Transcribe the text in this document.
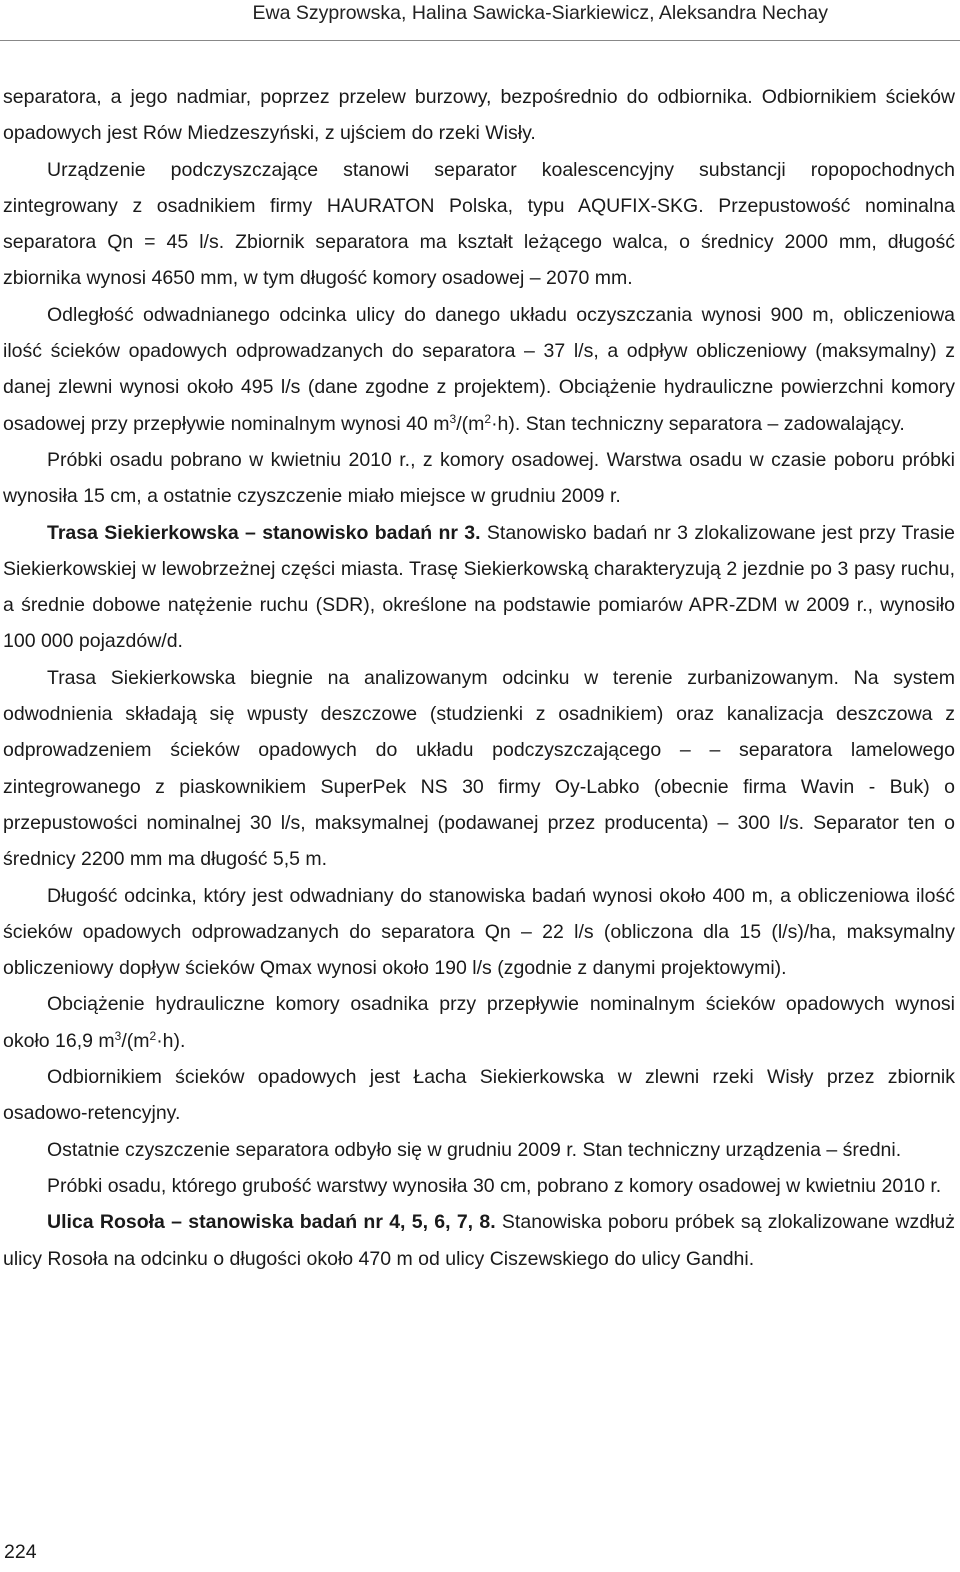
Ewa Szyprowska, Halina Sawicka-Siarkiewicz, Aleksandra Nechay

separatora, a jego nadmiar, poprzez przelew burzowy, bezpośrednio do odbiornika. Odbiornikiem ścieków opadowych jest Rów Miedzeszyński, z ujściem do rzeki Wisły.

Urządzenie podczyszczające stanowi separator koalescencyjny substancji ropopochodnych zintegrowany z osadnikiem firmy HAURATON Polska, typu AQUFIX-SKG. Przepustowość nominalna separatora Qn = 45 l/s. Zbiornik separatora ma kształt leżącego walca, o średnicy 2000 mm, długość zbiornika wynosi 4650 mm, w tym długość komory osadowej – 2070 mm.

Odległość odwadnianego odcinka ulicy do danego układu oczyszczania wynosi 900 m, obliczeniowa ilość ścieków opadowych odprowadzanych do separatora – 37 l/s, a odpływ obliczeniowy (maksymalny) z danej zlewni wynosi około 495 l/s (dane zgodne z projektem). Obciążenie hydrauliczne powierzchni komory osadowej przy przepływie nominalnym wynosi 40 $m^3/(m^2\cdot h)$. Stan techniczny separatora – zadowalający.

Próbki osadu pobrano w kwietniu 2010 r., z komory osadowej. Warstwa osadu w czasie poboru próbki wynosiła 15 cm, a ostatnie czyszczenie miało miejsce w grudniu 2009 r.

Trasa Siekierkowska – stanowisko badań nr 3. Stanowisko badań nr 3 zlokalizowane jest przy Trasie Siekierkowskiej w lewobrzeżnej części miasta. Trasę Siekierkowską charakteryzują 2 jezdnie po 3 pasy ruchu, a średnie dobowe natężenie ruchu (SDR), określone na podstawie pomiarów APR-ZDM w 2009 r., wynosiło 100 000 pojazdów/d.

Trasa Siekierkowska biegnie na analizowanym odcinku w terenie zurbanizowanym. Na system odwodnienia składają się wpusty deszczowe (studzienki z osadnikiem) oraz kanalizacja deszczowa z odprowadzeniem ścieków opadowych do układu podczyszczającego – – separatora lamelowego zintegrowanego z piaskownikiem SuperPek NS 30 firmy Oy-Labko (obecnie firma Wavin - Buk) o przepustowości nominalnej 30 l/s, maksymalnej (podawanej przez producenta) – 300 l/s. Separator ten o średnicy 2200 mm ma długość 5,5 m.

Długość odcinka, który jest odwadniany do stanowiska badań wynosi około 400 m, a obliczeniowa ilość ścieków opadowych odprowadzanych do separatora Qn – 22 l/s (obliczona dla 15 (l/s)/ha, maksymalny obliczeniowy dopływ ścieków Qmax wynosi około 190 l/s (zgodnie z danymi projektowymi).

Obciążenie hydrauliczne komory osadnika przy przepływie nominalnym ścieków opadowych wynosi około 16,9 $m^3/(m^2\cdot h)$.

Odbiornikiem ścieków opadowych jest Łacha Siekierkowska w zlewni rzeki Wisły przez zbiornik osadowo-retencyjny.

Ostatnie czyszczenie separatora odbyło się w grudniu 2009 r. Stan techniczny urządzenia – średni.

Próbki osadu, którego grubość warstwy wynosiła 30 cm, pobrano z komory osadowej w kwietniu 2010 r.

Ulica Rosoła – stanowiska badań nr 4, 5, 6, 7, 8. Stanowiska poboru próbek są zlokalizowane wzdłuż ulicy Rosoła na odcinku o długości około 470 m od ulicy Ciszewskiego do ulicy Gandhi.

224
